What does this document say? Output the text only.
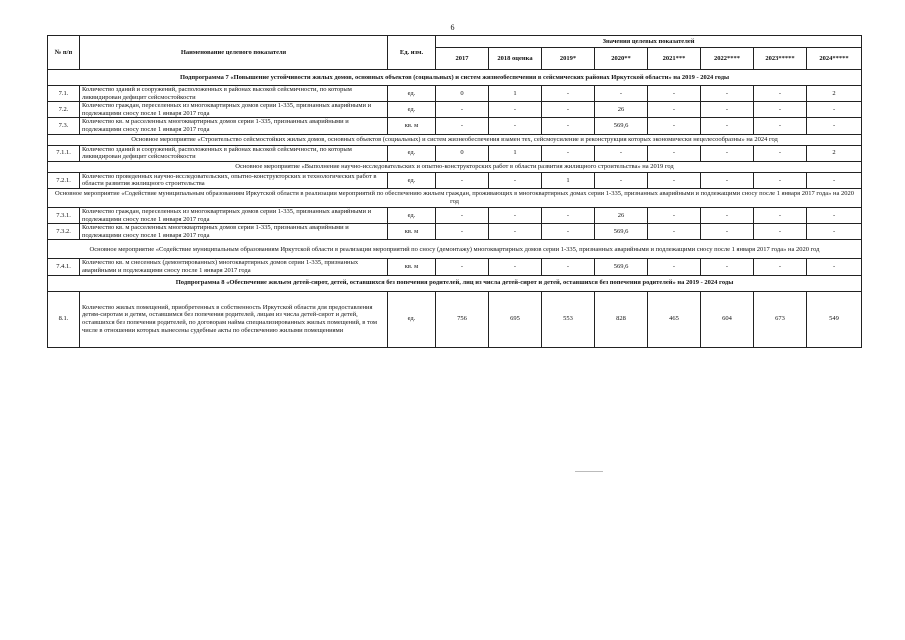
6
№ п/п	Наименование целевого показателя	Ед. изм.	Значения целевых показателей							
			2017	2018 оценка	2019*	2020**	2021***	2022****	2023*****	2024*****
Подпрограмма 7 «Повышение устойчивости жилых домов, основных объектов (социальных) и систем жизнеобеспечения в сейсмических районах Иркутской области» на 2019 - 2024 годы										
7.1.	Количество зданий и сооружений, расположенных в районах высокой сейсмичности, по которым ликвидирован дефицит сейсмостойкости	ед.	0	1	-	-	-	-	-	2
7.2.	Количество граждан, переселенных из многоквартирных домов серии 1-335, признанных аварийными и подлежащими сносу после 1 января 2017 года	ед.	-	-	-	26	-	-	-	-
7.3.	Количество кв. м расселенных многоквартирных домов серии 1-335, признанных аварийными и подлежащими сносу после 1 января 2017 года	кв. м	-	-	-	569,6	-	-	-	-
Основное мероприятие «Строительство сейсмостойких жилых домов, основных объектов (социальных) и систем жизнеобеспечения взамен тех, сейсмоусиление и реконструкция которых экономически нецелесообразны» на 2024 год										
7.1.1.	Количество зданий и сооружений, расположенных в районах высокой сейсмичности, по которым ликвидирован дефицит сейсмостойкости	ед.	0	1	-	-	-	-	-	2
Основное мероприятие «Выполнение научно-исследовательских и опытно-конструкторских работ в области развития жилищного строительства» на 2019 год										
7.2.1.	Количество проведенных научно-исследовательских, опытно-конструкторских и технологических работ в области развития жилищного строительства	ед.	-	-	1	-	-	-	-	-
Основное мероприятие «Содействие муниципальным образованиям Иркутской области в реализации мероприятий по обеспечению жильем граждан, проживающих в многоквартирных домах серии 1-335, признанных аварийными и подлежащими сносу после 1 января 2017 года» на 2020 год										
7.3.1.	Количество граждан, переселенных из многоквартирных домов серии 1-335, признанных аварийными и подлежащими сносу после 1 января 2017 года	ед.	-	-	-	26	-	-	-	-
7.3.2.	Количество кв. м расселенных многоквартирных домов серии 1-335, признанных аварийными и подлежащими сносу после 1 января 2017 года	кв. м	-	-	-	569,6	-	-	-	-
Основное мероприятие «Содействие муниципальным образованиям Иркутской области в реализации мероприятий по сносу (демонтажу) многоквартирных домов серии 1-335, признанных аварийными и подлежащими сносу после 1 января 2017 года» на 2020 год										
7.4.1.	Количество кв. м снесенных (демонтированных) многоквартирных домов серии 1-335, признанных аварийными и подлежащими сносу после 1 января 2017 года	кв. м	-	-	-	569,6	-	-	-	-
Подпрограмма 8 «Обеспечение жильем детей-сирот, детей, оставшихся без попечения родителей, лиц из числа детей-сирот и детей, оставшихся без попечения родителей» на 2019 - 2024 годы										
8.1.	Количество жилых помещений, приобретенных в собственность Иркутской области для предоставления детям-сиротам и детям, оставшимся без попечения родителей, лицам из числа детей-сирот и детей, оставшихся без попечения родителей, по договорам найма специализированных жилых помещений, в том числе в отношении которых вынесены судебные акты по обеспечению жилыми помещениями	ед.	756	695	553	828	465	604	673	549
